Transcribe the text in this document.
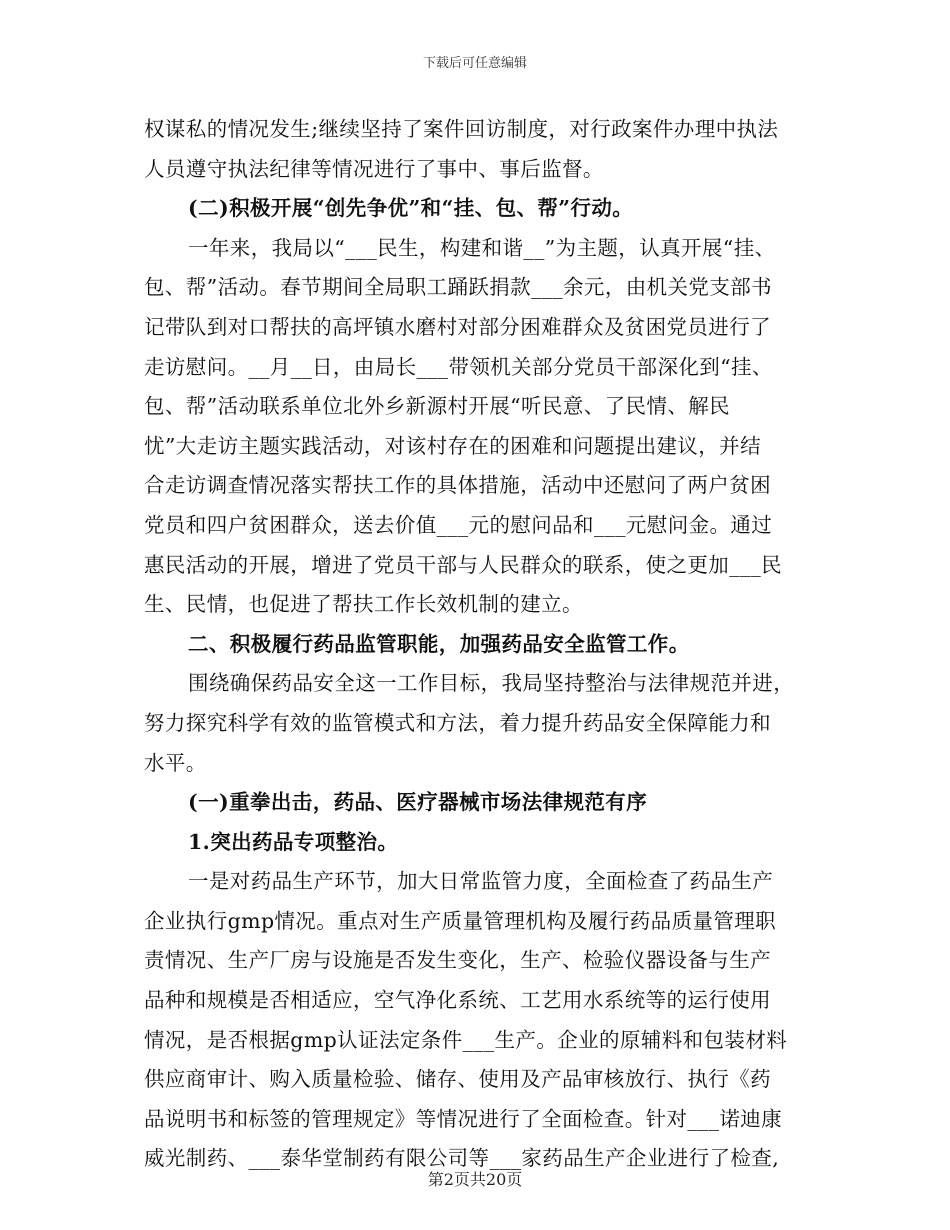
下载后可任意编辑
权谋私的情况发生;继续坚持了案件回访制度，对行政案件办理中执法
人员遵守执法纪律等情况进行了事中、事后监督。
(二)积极开展“创先争优”和“挂、包、帮”行动。
一年来，我局以“___民生，构建和谐__”为主题，认真开展“挂、
包、帮”活动。春节期间全局职工踊跃捐款___余元，由机关党支部书
记带队到对口帮扶的高坪镇水磨村对部分困难群众及贫困党员进行了
走访慰问。__月__日，由局长___带领机关部分党员干部深化到“挂、
包、帮”活动联系单位北外乡新源村开展“听民意、了民情、解民
忧”大走访主题实践活动，对该村存在的困难和问题提出建议，并结
合走访调查情况落实帮扶工作的具体措施，活动中还慰问了两户贫困
党员和四户贫困群众，送去价值___元的慰问品和___元慰问金。通过
惠民活动的开展，增进了党员干部与人民群众的联系，使之更加___民
生、民情，也促进了帮扶工作长效机制的建立。
二、积极履行药品监管职能，加强药品安全监管工作。
围绕确保药品安全这一工作目标，我局坚持整治与法律规范并进，
努力探究科学有效的监管模式和方法，着力提升药品安全保障能力和
水平。
(一)重拳出击，药品、医疗器械市场法律规范有序
1.突出药品专项整治。
一是对药品生产环节，加大日常监管力度，全面检查了药品生产
企业执行gmp情况。重点对生产质量管理机构及履行药品质量管理职
责情况、生产厂房与设施是否发生变化，生产、检验仪器设备与生产
品种和规模是否相适应，空气净化系统、工艺用水系统等的运行使用
情况，是否根据gmp认证法定条件___生产。企业的原辅料和包装材料
供应商审计、购入质量检验、储存、使用及产品审核放行、执行《药
品说明书和标签的管理规定》等情况进行了全面检查。针对___诺迪康
威光制药、___泰华堂制药有限公司等___家药品生产企业进行了检查,
第2页共20页
